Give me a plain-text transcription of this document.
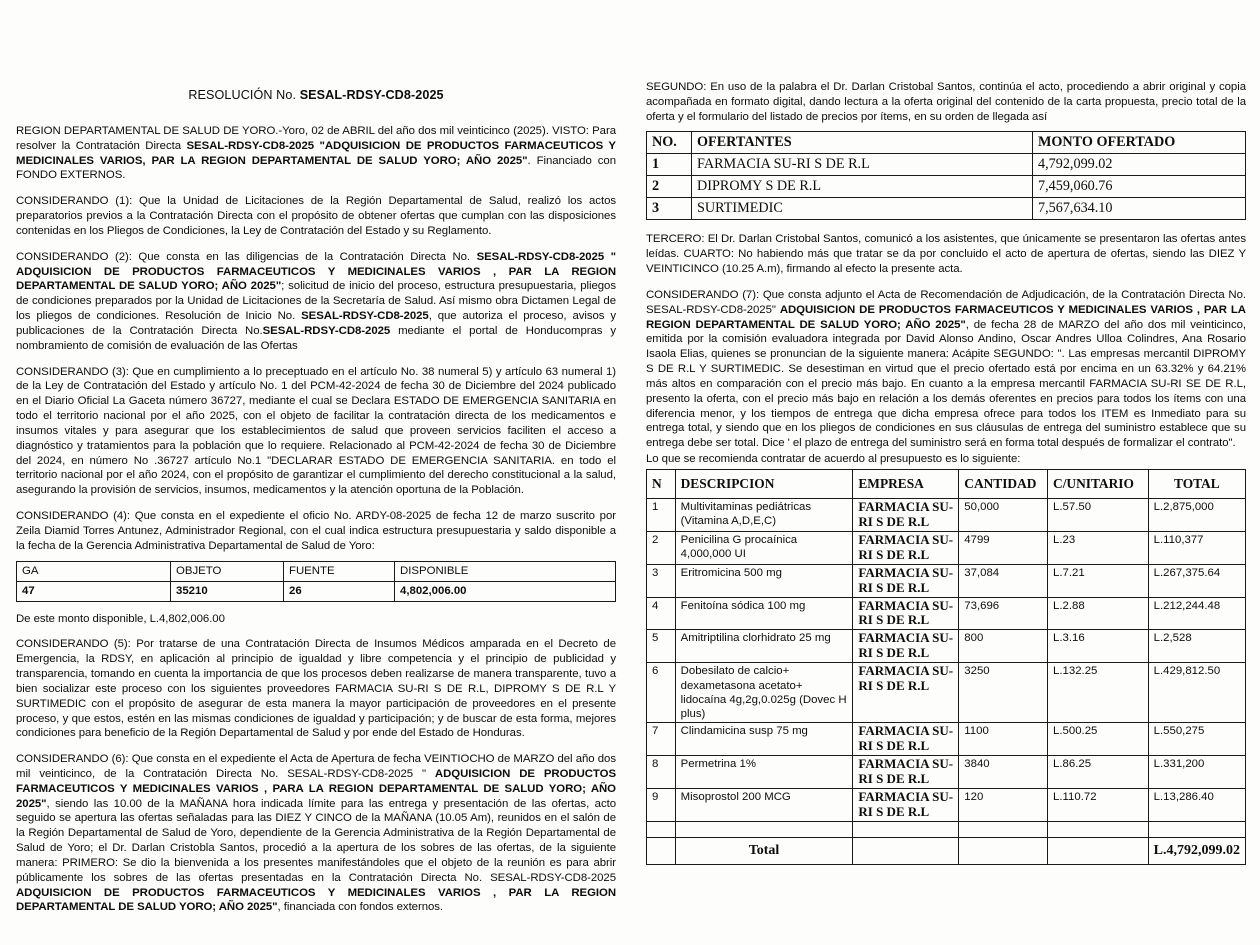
RESOLUCIÓN No. SESAL-RDSY-CD8-2025

REGION DEPARTAMENTAL DE SALUD DE YORO.-Yoro, 02 de ABRIL del año dos mil veinticinco (2025). VISTO: Para resolver la Contratación Directa SESAL-RDSY-CD8-2025 "ADQUISICION DE PRODUCTOS FARMACEUTICOS Y MEDICINALES VARIOS, PAR LA REGION DEPARTAMENTAL DE SALUD YORO; AÑO 2025". Financiado con FONDO EXTERNOS.

CONSIDERANDO (1): Que la Unidad de Licitaciones de la Región Departamental de Salud, realizó los actos preparatorios previos a la Contratación Directa con el propósito de obtener ofertas que cumplan con las disposiciones contenidas en los Pliegos de Condiciones, la Ley de Contratación del Estado y su Reglamento.

CONSIDERANDO (2): Que consta en las diligencias de la Contratación Directa No. SESAL-RDSY-CD8-2025 " ADQUISICION DE PRODUCTOS FARMACEUTICOS Y MEDICINALES VARIOS , PAR LA REGION DEPARTAMENTAL DE SALUD YORO; AÑO 2025"; solicitud de inicio del proceso, estructura presupuestaria, pliegos de condiciones preparados por la Unidad de Licitaciones de la Secretaría de Salud. Así mismo obra Dictamen Legal de los pliegos de condiciones. Resolución de Inicio No. SESAL-RDSY-CD8-2025, que autoriza el proceso, avisos y publicaciones de la Contratación Directa No.SESAL-RDSY-CD8-2025 mediante el portal de Honducompras y nombramiento de comisión de evaluación de las Ofertas

CONSIDERANDO (3): Que en cumplimiento a lo preceptuado en el artículo No. 38 numeral 5) y artículo 63 numeral 1) de la Ley de Contratación del Estado y artículo No. 1 del PCM-42-2024 de fecha 30 de Diciembre del 2024 publicado en el Diario Oficial La Gaceta número 36727, mediante el cual se Declara ESTADO DE EMERGENCIA SANITARIA en todo el territorio nacional por el año 2025, con el objeto de facilitar la contratación directa de los medicamentos e insumos vitales y para asegurar que los establecimientos de salud que proveen servicios faciliten el acceso a diagnóstico y tratamientos para la población que lo requiere. Relacionado al PCM-42-2024 de fecha 30 de Diciembre del 2024, en número No .36727 artículo No.1 "DECLARAR ESTADO DE EMERGENCIA SANITARIA. en todo el territorio nacional por el año 2024, con el propósito de garantizar el cumplimiento del derecho constitucional a la salud, asegurando la provisión de servicios, insumos, medicamentos y la atención oportuna de la Población.

CONSIDERANDO (4): Que consta en el expediente el oficio No. ARDY-08-2025 de fecha 12 de marzo suscrito por Zeila Diamid Torres Antunez, Administrador Regional, con el cual indica estructura presupuestaria y saldo disponible a la fecha de la Gerencia Administrativa Departamental de Salud de Yoro:

GA	OBJETO	FUENTE	DISPONIBLE
47	35210	26	4,802,006.00

De este monto disponible, L.4,802,006.00

CONSIDERANDO (5): Por tratarse de una Contratación Directa de Insumos Médicos amparada en el Decreto de Emergencia, la RDSY, en aplicación al principio de igualdad y libre competencia y el principio de publicidad y transparencia, tomando en cuenta la importancia de que los procesos deben realizarse de manera transparente, tuvo a bien socializar este proceso con los siguientes proveedores FARMACIA SU-RI S DE R.L, DIPROMY S DE R.L Y SURTIMEDIC con el propósito de asegurar de esta manera la mayor participación de proveedores en el presente proceso, y que estos, estén en las mismas condiciones de igualdad y participación; y de buscar de esta forma, mejores condiciones para beneficio de la Región Departamental de Salud y por ende del Estado de Honduras.

CONSIDERANDO (6): Que consta en el expediente el Acta de Apertura de fecha VEINTIOCHO de MARZO del año dos mil veinticinco, de la Contratación Directa No. SESAL-RDSY-CD8-2025 " ADQUISICION DE PRODUCTOS FARMACEUTICOS Y MEDICINALES VARIOS , PARA LA REGION DEPARTAMENTAL DE SALUD YORO; AÑO 2025", siendo las 10.00 de la MAÑANA hora indicada límite para las entrega y presentación de las ofertas, acto seguido se apertura las ofertas señaladas para las DIEZ Y CINCO de la MAÑANA (10.05 Am), reunidos en el salón de la Región Departamental de Salud de Yoro, dependiente de la Gerencia Administrativa de la Región Departamental de Salud de Yoro; el Dr. Darlan Cristobla Santos, procedió a la apertura de los sobres de las ofertas, de la siguiente manera: PRIMERO: Se dio la bienvenida a los presentes manifestándoles que el objeto de la reunión es para abrir públicamente los sobres de las ofertas presentadas en la Contratación Directa No. SESAL-RDSY-CD8-2025 ADQUISICION DE PRODUCTOS FARMACEUTICOS Y MEDICINALES VARIOS , PAR LA REGION DEPARTAMENTAL DE SALUD YORO; AÑO 2025", financiada con fondos externos.

SEGUNDO: En uso de la palabra el Dr. Darlan Cristobal Santos, continúa el acto, procediendo a abrir original y copia acompañada en formato digital, dando lectura a la oferta original del contenido de la carta propuesta, precio total de la oferta y el formulario del listado de precios por ítems, en su orden de llegada así

NO.	OFERTANTES	MONTO OFERTADO
1	FARMACIA SU-RI S DE R.L	4,792,099.02
2	DIPROMY S DE R.L	7,459,060.76
3	SURTIMEDIC	7,567,634.10

TERCERO: El Dr. Darlan Cristobal Santos, comunicó a los asistentes, que únicamente se presentaron las ofertas antes leídas. CUARTO: No habiendo más que tratar se da por concluido el acto de apertura de ofertas, siendo las DIEZ Y VEINTICINCO (10.25 A.m), firmando al efecto la presente acta.

CONSIDERANDO (7): Que consta adjunto el Acta de Recomendación de Adjudicación, de la Contratación Directa No. SESAL-RDSY-CD8-2025" ADQUISICION DE PRODUCTOS FARMACEUTICOS Y MEDICINALES VARIOS , PAR LA REGION DEPARTAMENTAL DE SALUD YORO; AÑO 2025", de fecha 28 de MARZO del año dos mil veinticinco, emitida por la comisión evaluadora integrada por David Alonso Andino, Oscar Andres Ulloa Colindres, Ana Rosario Isaola Elias, quienes se pronuncian de la siguiente manera: Acápite SEGUNDO: ". Las empresas mercantil DIPROMY S DE R.L Y SURTIMEDIC. Se desestiman en virtud que el precio ofertado está por encima en un 63.32% y 64.21% más altos en comparación con el precio más bajo. En cuanto a la empresa mercantil FARMACIA SU-RI SE DE R.L, presento la oferta, con el precio más bajo en relación a los demás oferentes en precios para todos los ítems con una diferencia menor, y los tiempos de entrega que dicha empresa ofrece para todos los ITEM es Inmediato para su entrega total, y siendo que en los pliegos de condiciones en sus cláusulas de entrega del suministro establece que su entrega debe ser total. Dice ' el plazo de entrega del suministro será en forma total después de formalizar el contrato".

Lo que se recomienda contratar de acuerdo al presupuesto es lo siguiente:

N	DESCRIPCION	EMPRESA	CANTIDAD	C/UNITARIO	TOTAL
1	Multivitaminas pediátricas (Vitamina A,D,E,C)	FARMACIA SU-RI S DE R.L	50,000	L.57.50	L.2,875,000
2	Penicilina G procaínica 4,000,000 UI	FARMACIA SU-RI S DE R.L	4799	L.23	L.110,377
3	Eritromicina 500 mg	FARMACIA SU-RI S DE R.L	37,084	L.7.21	L.267,375.64
4	Fenitoína sódica 100 mg	FARMACIA SU-RI S DE R.L	73,696	L.2.88	L.212,244.48
5	Amitriptilina clorhidrato 25 mg	FARMACIA SU-RI S DE R.L	800	L.3.16	L.2,528
6	Dobesilato de calcio+ dexametasona acetato+ lidocaína 4g,2g,0.025g (Dovec H plus)	FARMACIA SU-RI S DE R.L	3250	L.132.25	L.429,812.50
7	Clindamicina susp 75 mg	FARMACIA SU-RI S DE R.L	1100	L.500.25	L.550,275
8	Permetrina 1%	FARMACIA SU-RI S DE R.L	3840	L.86.25	L.331,200
9	Misoprostol 200 MCG	FARMACIA SU-RI S DE R.L	120	L.110.72	L.13,286.40

	Total				L.4,792,099.02
